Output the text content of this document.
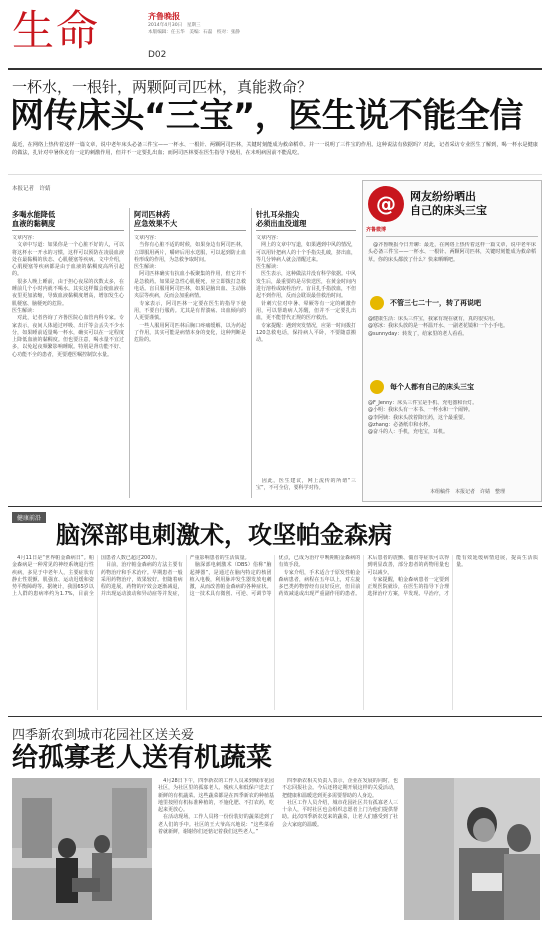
生命	齐鲁晚报
2014年4月30日　星期三
本版编辑：任玉华　美编：石磊　校对：张静
D02
一杯水，一根针，两颗阿司匹林，真能救命？
网传床头“三宝”，医生说不能全信
最近，在网络上热传着这样一篇文章，说中老年床头必备三件宝——一杯水、一根针、两颗阿司匹林，关键时刻能成为救命稻草。并一一说明了三件宝的作用。这种说法有依据吗？对此，记者采访专业医生了解到，喝一杯水是健康的做法，扎针对中暑休克有一定的刺激作用，但并不一定要扎出血；而阿司匹林要在医生指导下使用，在未明病因前不能乱吃。
本报记者　许婧
多喝水能降低
血液的黏稠度
文章内容：
　文章中写道：如果你是一个心脏不好的人，可以将这杯水一开水的习惯，这样可以预防在凌晨血液处在最黏稠的状态、心肌梗塞等疾病。文中介绍，心肌梗塞等疾病都是由于血液的黏稠度高所引起的。
　很多人晚上睡前，由于担心夜尿的次数太多，在睡前几个小时内就不喝水。其实这样做会使血液在夜里更加浓缩，导致血液黏稠度增高，增加发生心肌梗塞、脑梗死的危险。
医生解读：
　对此，记者咨询了齐鲁医院心血管内科专家。专家表示，夜间人体通过呼吸、出汗等会丢失不少水分，如果睡前适量喝一杯水，确实可以在一定程度上降低血液的黏稠度。但也要注意，喝水量不宜过多，以免起夜频繁影响睡眠。特别是肾功能不好、心功能不全的患者，更要遵医嘱控制饮水量。
阿司匹林药
应急效果不大
文章内容：
　当你有心脏不适的时候，如果身边有阿司匹林，立即服用两片，嚼碎后用水送服，可以起到防止血栓形成的作用，为急救争取时间。
医生解读：
　阿司匹林确实有抗血小板聚集的作用，但它并不是急救药。如果是急性心肌梗死，应立即拨打急救电话。盲目服用阿司匹林，如果是脑出血、主动脉夹层等疾病，反而会加重病情。
　专家表示，阿司匹林一定要在医生的指导下使用，不要自行服药。尤其是有胃溃疡、出血倾向的人更要谨慎。
　一些人服用阿司匹林后胸口疼痛缓解，以为药起了作用，其实可能是病情本身的变化，这种判断是危险的。
针扎耳朵指尖
必须出血没道理
文章内容：
　网上的文章中写道，如果遇到中风的情况，可以用针把病人的十个手指尖扎破，挤出血，等几分钟病人就会清醒过来。
医生解读：
　医生表示，这种做法并没有科学依据。中风发生后，最重要的是尽快送医，在黄金时间内进行溶栓或取栓治疗。盲目扎手指放血，不但起不到作用，反而会耽误最佳救治时间。
　针刺穴位对中暑、晕厥等有一定的刺激作用，可以帮助病人苏醒，但并不一定要扎出血，更不能替代正规的医疗救治。
　专家提醒：遇到突发情况，应第一时间拨打120急救电话，保持病人平卧，不要随意搬动。
　因此，医生建议，网上流传的所谓“三宝”，不可全信，要科学对待。
@
齐鲁微博
网友纷纷晒出
自己的床头三宝
　@齐鲁晚报今日开聊：最近，在网络上热传着这样一篇文章，说中老年床头必备三件宝——一杯水、一根针、两颗阿司匹林，关键时刻能成为救命稻草。你的床头都放了什么？快来晒晒吧。
不管三七二十一，转了再说吧
@健康生活：床头三件宝，我家有现在就有，真的很实用。
@寒冰：我床头放的是一杯温开水、一副老花镜和一个小手电。
@sunnyday：转发了，给家里的老人看看。
每个人都有自己的床头三宝
@F_Jenny：床头三件宝是手机、充电器和台灯。
@小明：我床头有一本书、一杯水和一个闹钟。
@李阿姨：我床头放着降压药，这个最重要。
@zhang：必备纸巾和水杯。
@奋斗的人：手机，充电宝，耳机。
本组稿件　本报记者　许婧　整理
健康前沿
脑深部电刺激术，攻坚帕金森病
　4月11日是“世界帕金森病日”。帕金森病是一种常见的神经系统退行性疾病，多见于中老年人，主要症状有静止性震颤、肌强直、运动迟缓和姿势平衡障碍等。据统计，我国65岁以上人群的患病率约为1.7%，目前全国患者人数已超过200万。
　目前，治疗帕金森病的方法主要有药物治疗和手术治疗。早期患者一般采用药物治疗，效果较好。但随着病程的进展，药物的疗效会逐渐减退，并出现运动波动和异动症等并发症，严重影响患者的生活质量。
　脑深部电刺激术（DBS）俗称“脑起搏器”，是通过在脑内特定的核团植入电极，利用脉冲发生器发放电刺激，从而改善帕金森病的各种症状。这一技术具有微创、可逆、可调节等优点，已成为治疗中晚期帕金森病的有效手段。
　专家介绍，手术适合于原发性帕金森病患者，病程在五年以上，对左旋多巴类药物曾经有良好反应，但目前药效减退或出现严重副作用的患者。术后患者的震颤、僵直等症状可以得到明显改善，部分患者的药物用量也可以减少。
　专家提醒，帕金森病患者一定要到正规医院就诊，在医生的指导下合理选择治疗方案，早发现、早治疗，才能有效延缓病情进展，提高生活质量。
四季新农到城市花园社区送关爱
给孤寡老人送有机蔬菜
　4月28日下午，四季新农的工作人员来到城市花园社区，为社区里的孤寡老人、残疾人和低保户送去了新鲜的有机蔬菜。这些蔬菜都是在四季新农的种植基地里按照有机标准种植的，不施化肥、不打农药，吃起来更放心。
　在活动现场，工作人员将一份份装好的蔬菜送到了老人们的手中。社区的王大爷高兴地说：“这些菜看着就新鲜，谢谢你们还惦记着我们这些老人。”
　四季新农相关负责人表示，企业在发展的同时，也不忘回报社会。今后还将定期开展这样的关爱活动，把健康和温暖送到更多需要帮助的人身边。
　社区工作人员介绍，城市花园社区共有孤寡老人三十余人，平时社区也会组织志愿者上门为他们提供帮助。此次四季新农送来的蔬菜，让老人们感受到了社会大家庭的温暖。
